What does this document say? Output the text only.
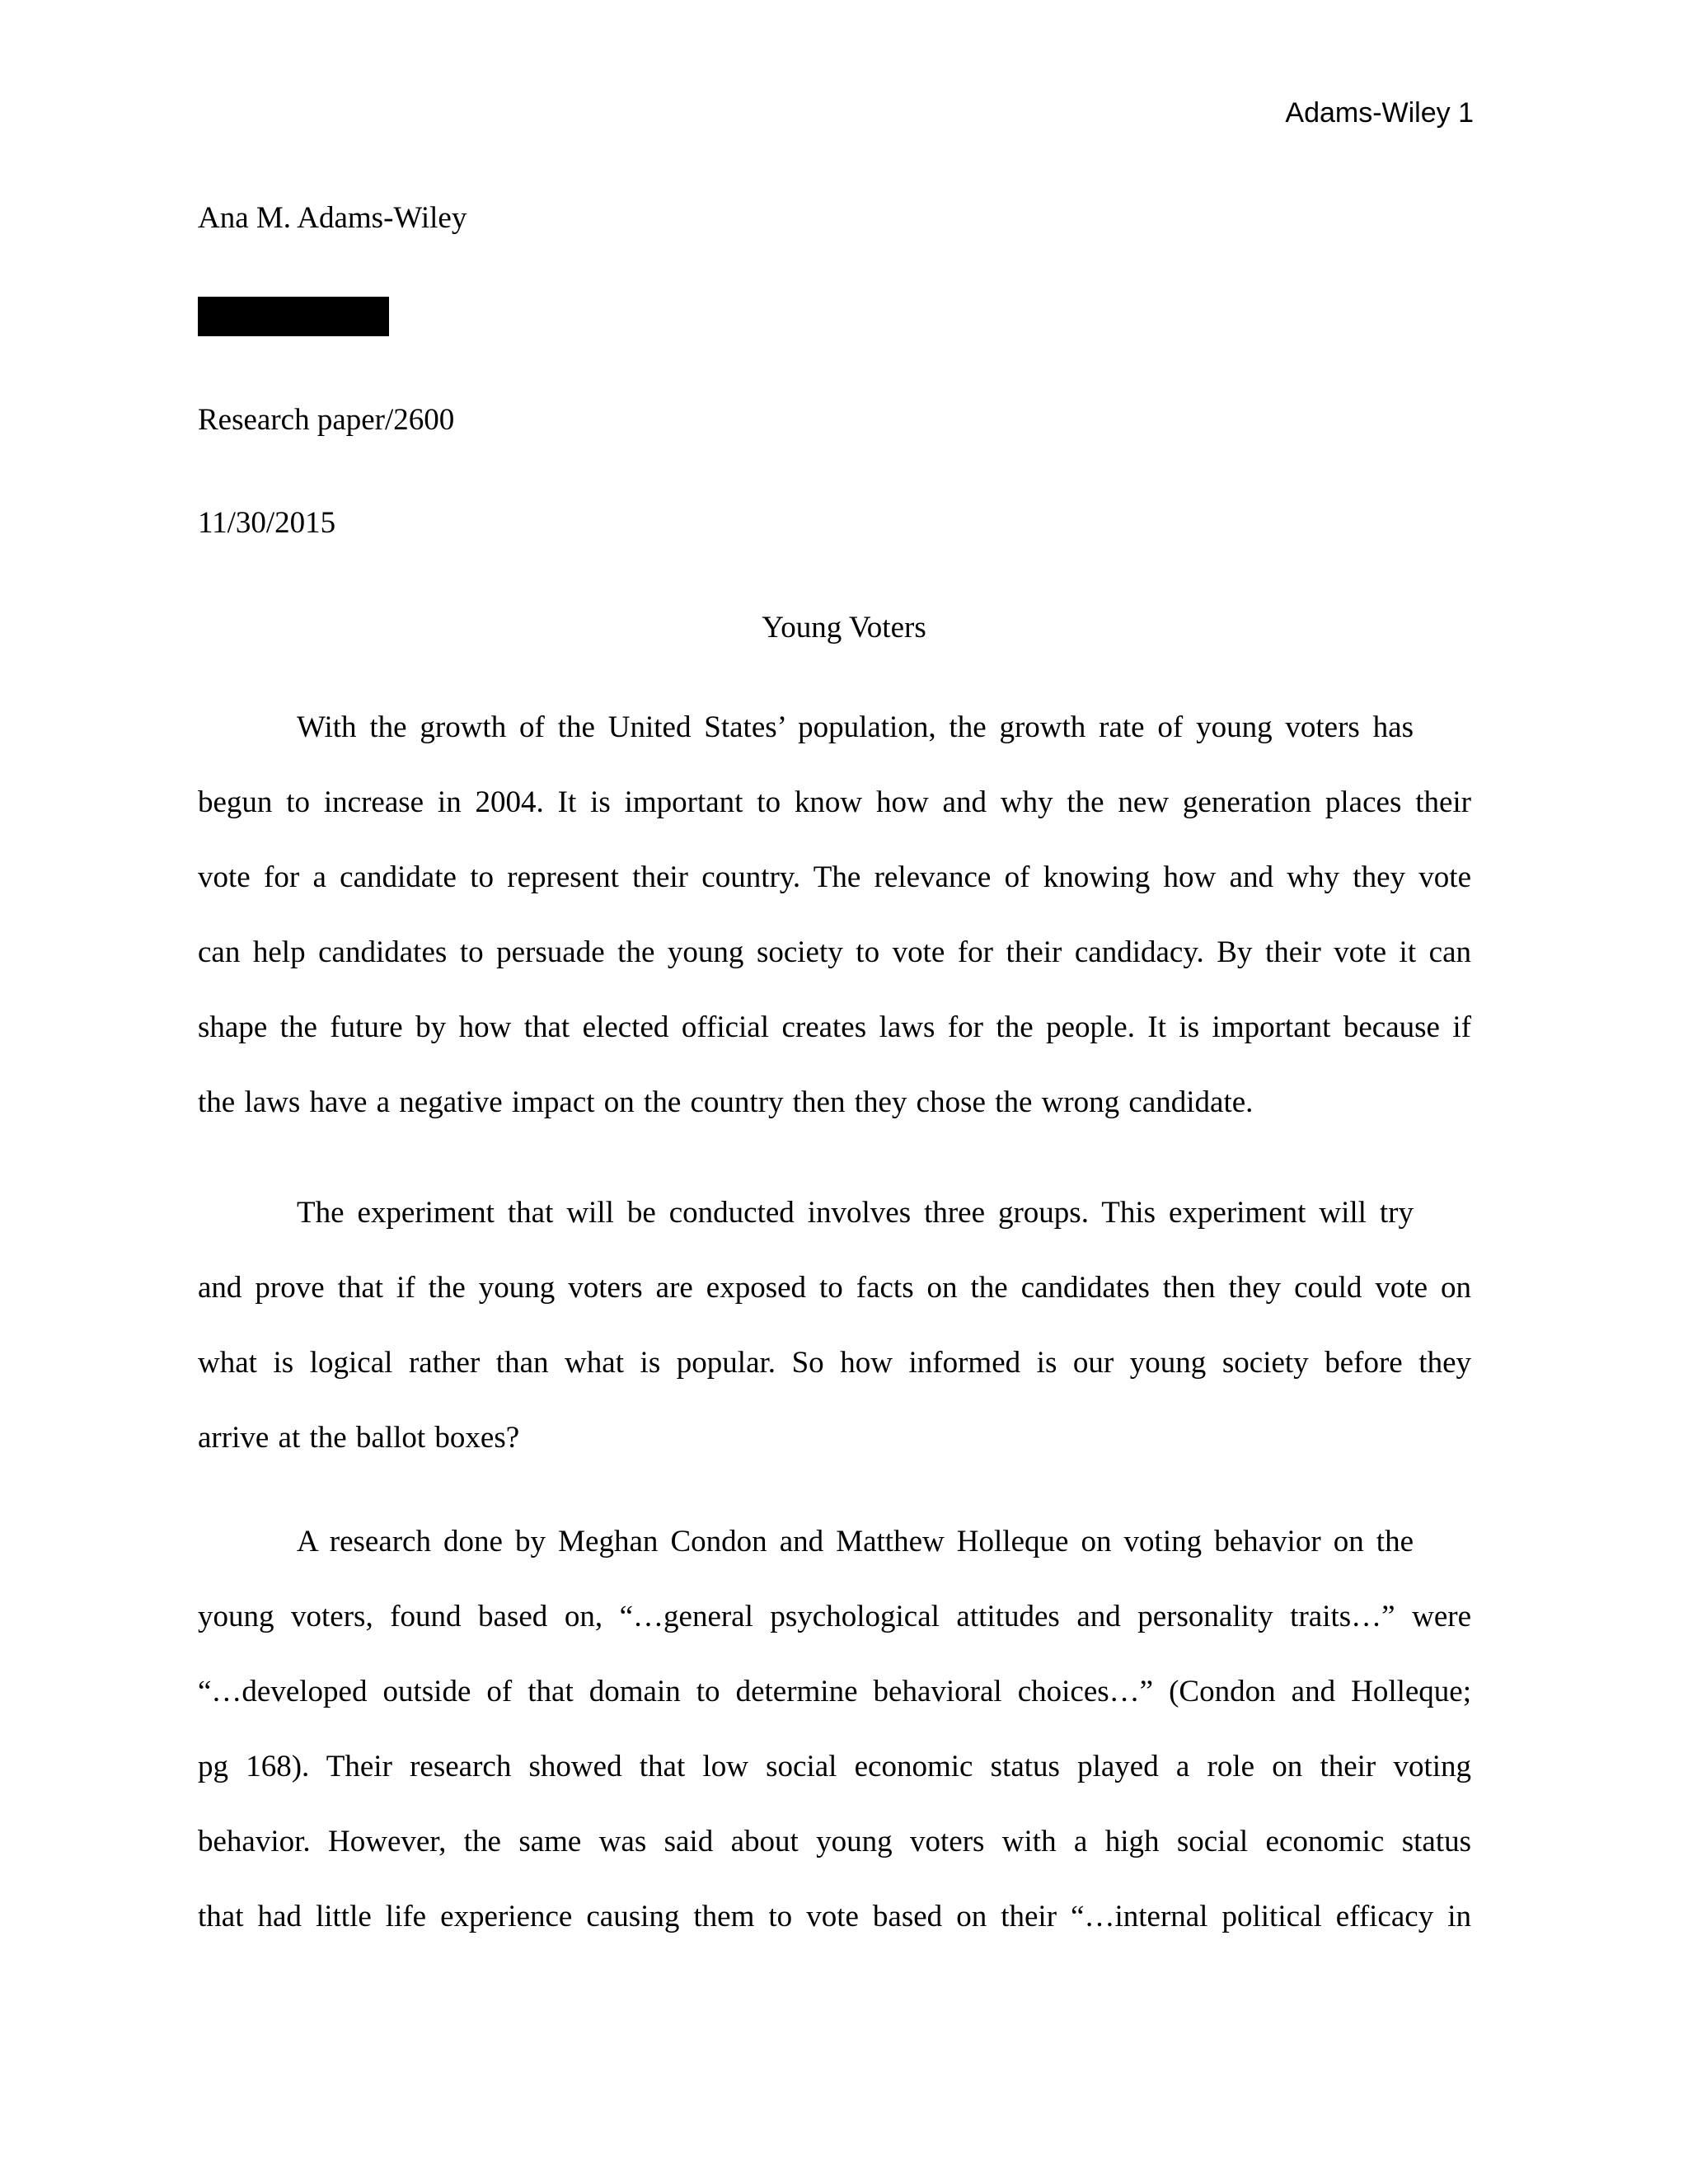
Adams-Wiley 1
Ana M. Adams-Wiley
Research paper/2600
11/30/2015
Young Voters
With the growth of the United States’ population, the growth rate of young voters has
begun to increase in 2004. It is important to know how and why the new generation places their
vote for a candidate to represent their country. The relevance of knowing how and why they vote
can help candidates to persuade the young society to vote for their candidacy. By their vote it can
shape the future by how that elected official creates laws for the people. It is important because if
the laws have a negative impact on the country then they chose the wrong candidate.
The experiment that will be conducted involves three groups. This experiment will try
and prove that if the young voters are exposed to facts on the candidates then they could vote on
what is logical rather than what is popular. So how informed is our young society before they
arrive at the ballot boxes?
A research done by Meghan Condon and Matthew Holleque on voting behavior on the
young voters, found based on, “…general psychological attitudes and personality traits…” were
“…developed outside of that domain to determine behavioral choices…” (Condon and Holleque;
pg 168). Their research showed that low social economic status played a role on their voting
behavior. However, the same was said about young voters with a high social economic status
that had little life experience causing them to vote based on their “…internal political efficacy in
